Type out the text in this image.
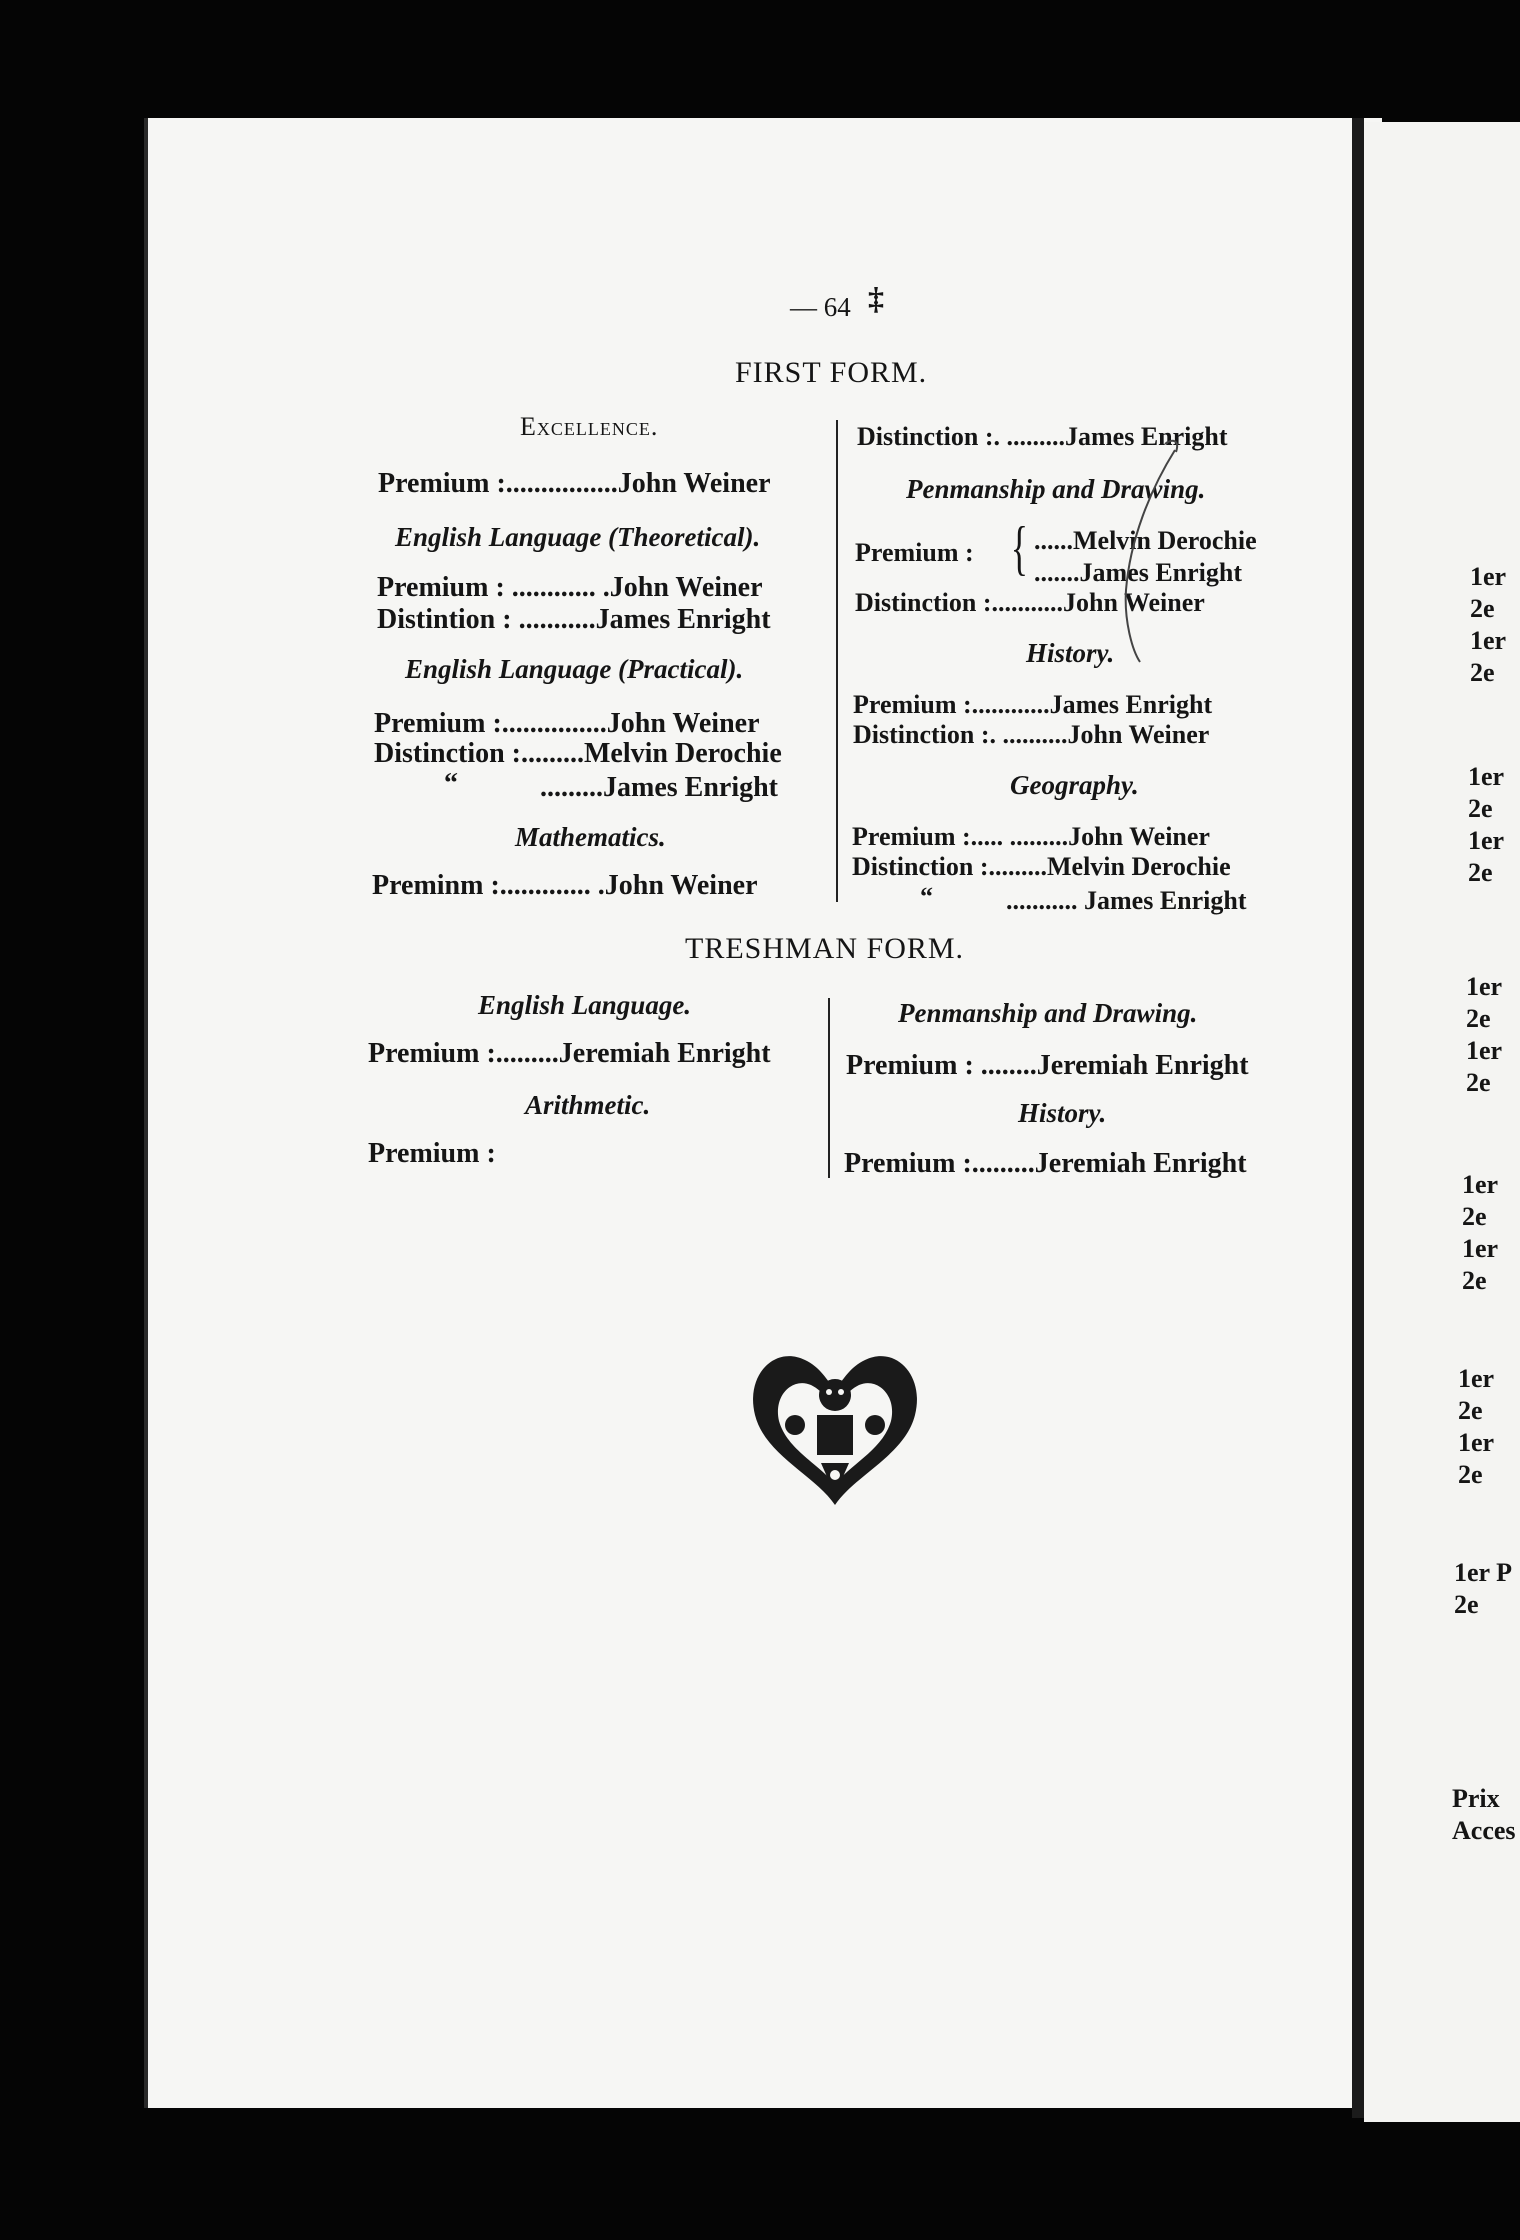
— 64 ‡
FIRST FORM.
Excellence.
Premium :................John Weiner
English Language (Theoretical).
Premium : ............ .John Weiner
Distintion : ...........James Enright
English Language (Practical).
Premium :...............John Weiner
Distinction :.........Melvin Derochie
“	.........James Enright
Mathematics.
Preminm :............. .John Weiner
Distinction :. .........James Enright
Penmanship and Drawing.
Premium : { ......Melvin Derochie
.......James Enright
Distinction :...........John Weiner
History.
Premium :............James Enright
Distinction :. ..........John Weiner
Geography.
Premium :..... .........John Weiner
Distinction :.........Melvin Derochie
“	........... James Enright
TRESHMAN FORM.
English Language.
Premium :.........Jeremiah Enright
Arithmetic.
Premium :
Penmanship and Drawing.
Premium : ........Jeremiah Enright
History.
Premium :.........Jeremiah Enright
1er
2e
1er
2e
1er
2e
1er
2e
1er
2e
1er
2e
1er
2e
1er
2e
1er
2e
1er
2e
1er P
2e
Prix
Acces
